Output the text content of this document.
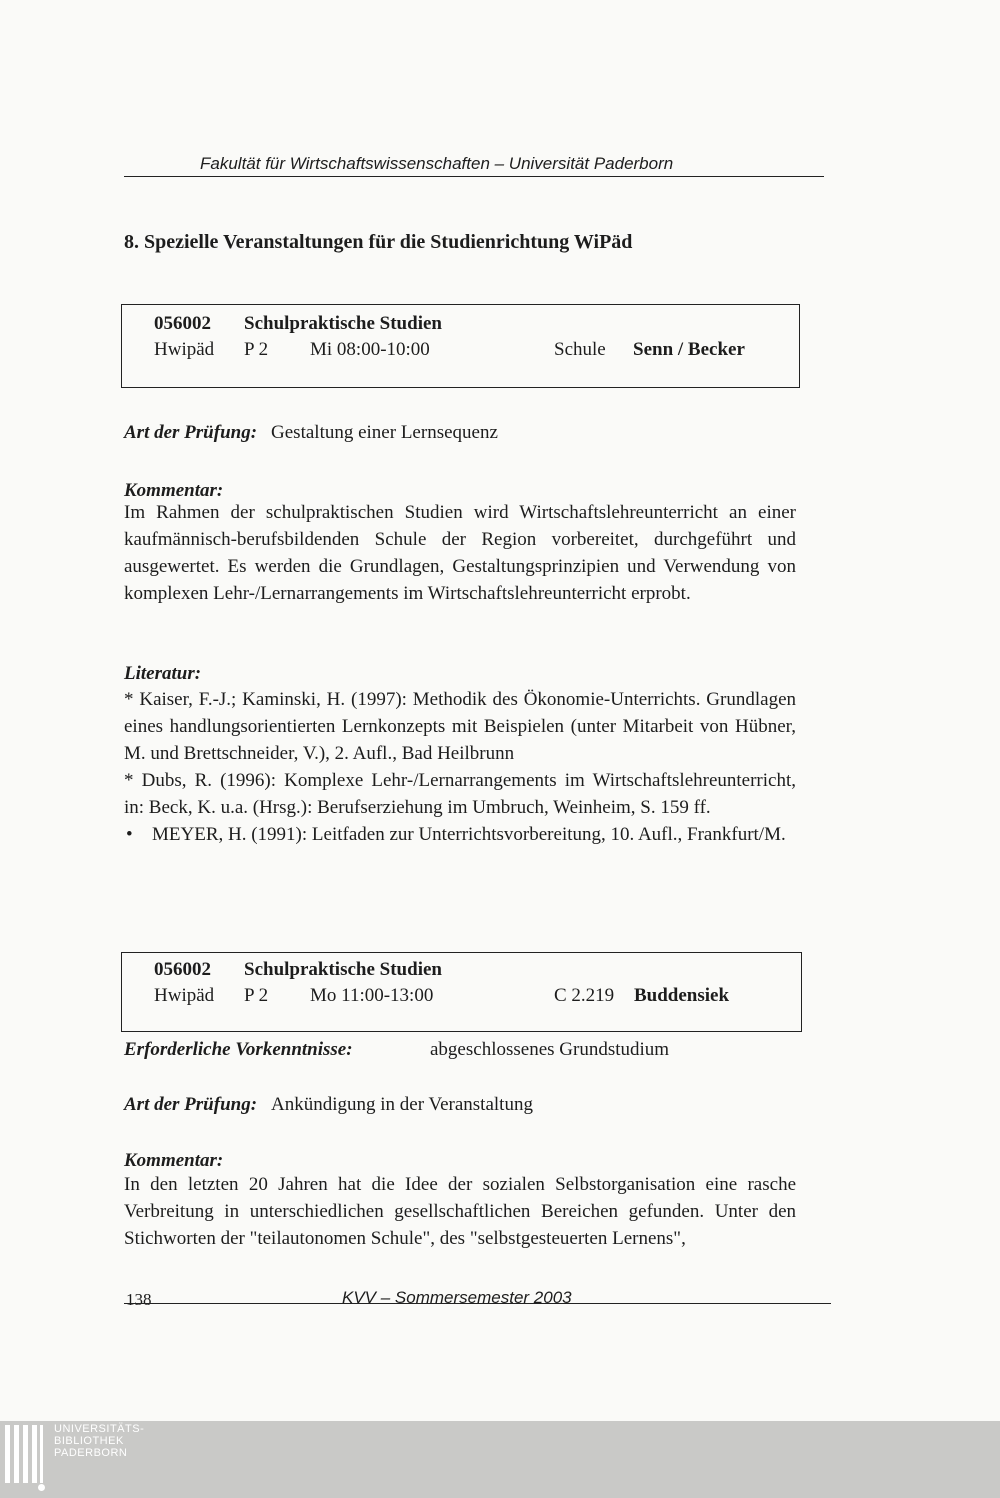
Fakultät für Wirtschaftswissenschaften – Universität Paderborn
8. Spezielle Veranstaltungen für die Studienrichtung WiPäd
056002 Schulpraktische Studien
Hwipäd P 2 Mi 08:00-10:00	Schule Senn / Becker
Art der Prüfung: Gestaltung einer Lernsequenz
Kommentar:

Im Rahmen der schulpraktischen Studien wird Wirtschaftslehreunterricht an einer kaufmännisch-berufsbildenden Schule der Region vorbereitet, durchgeführt und ausgewertet. Es werden die Grundlagen, Gestaltungsprinzipien und Verwendung von komplexen Lehr-/Lernarrangements im Wirtschaftslehreunterricht erprobt.

Literatur:
* Kaiser, F.-J.; Kaminski, H. (1997): Methodik des Ökonomie-Unterrichts. Grundlagen eines handlungsorientierten Lernkonzepts mit Beispielen (unter Mitarbeit von Hübner, M. und Brettschneider, V.), 2. Aufl., Bad Heilbrunn
* Dubs, R. (1996): Komplexe Lehr-/Lernarrangements im Wirtschaftslehreunterricht, in: Beck, K. u.a. (Hrsg.): Berufserziehung im Umbruch, Weinheim, S. 159 ff.
• MEYER, H. (1991): Leitfaden zur Unterrichtsvorbereitung, 10. Aufl., Frankfurt/M.
056002 Schulpraktische Studien
Hwipäd P 2 Mo 11:00-13:00	C 2.219 Buddensiek
Erforderliche Vorkenntnisse:	abgeschlossenes Grundstudium
Art der Prüfung: Ankündigung in der Veranstaltung
Kommentar:

In den letzten 20 Jahren hat die Idee der sozialen Selbstorganisation eine rasche Verbreitung in unterschiedlichen gesellschaftlichen Bereichen gefunden. Unter den Stichworten der "teilautonomen Schule", des "selbstgesteuerten Lernens",

138	KVV – Sommersemester 2003
UNIVERSITÄTS-
BIBLIOTHEK
PADERBORN
